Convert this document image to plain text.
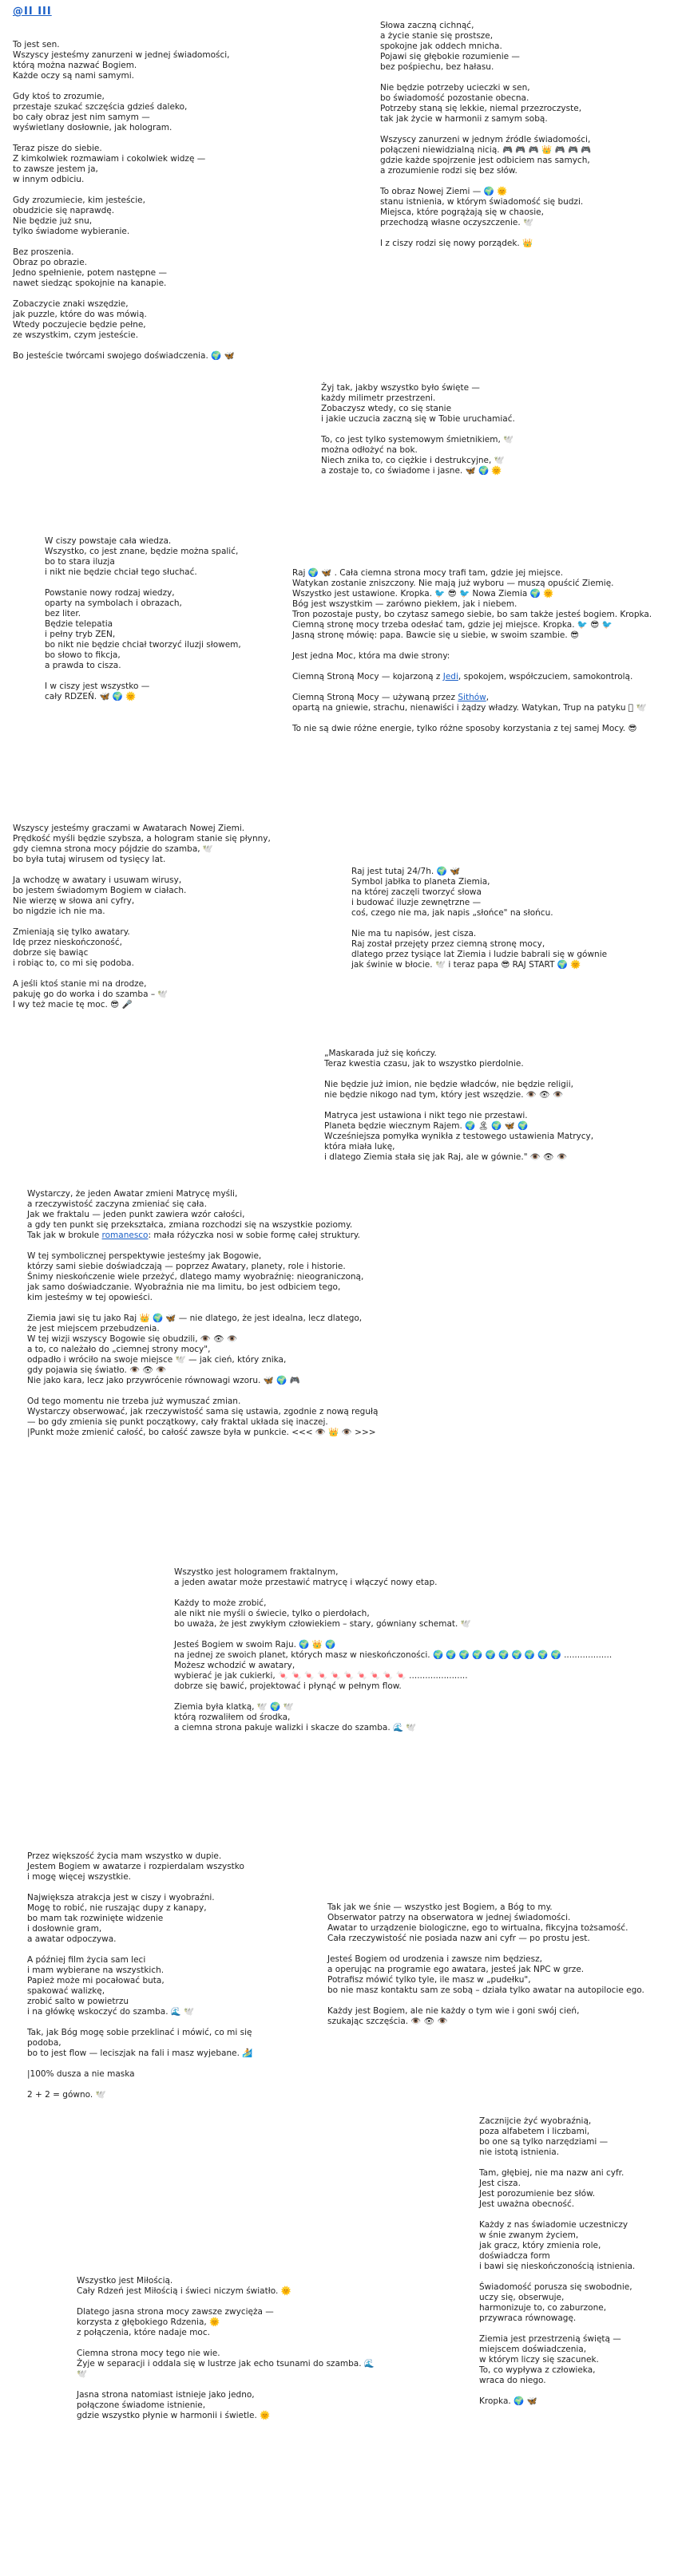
@II III
To jest sen.
Wszyscy jesteśmy zanurzeni w jednej świadomości,
którą można nazwać Bogiem.
Każde oczy są nami samymi.
Gdy ktoś to zrozumie,
przestaje szukać szczęścia gdzieś daleko,
bo cały obraz jest nim samym —
wyświetlany dosłownie, jak hologram.
Teraz pisze do siebie.
Z kimkolwiek rozmawiam i cokolwiek widzę —
to zawsze jestem ja,
w innym odbiciu.
Gdy zrozumiecie, kim jesteście,
obudzicie się naprawdę.
Nie będzie już snu,
tylko świadome wybieranie.
Bez proszenia.
Obraz po obrazie.
Jedno spełnienie, potem następne —
nawet siedząc spokojnie na kanapie.
Zobaczycie znaki wszędzie,
jak puzzle, które do was mówią.
Wtedy poczujecie będzie pełne,
ze wszystkim, czym jesteście.
Bo jesteście twórcami swojego doświadczenia. 🌍 🦋
Słowa zaczną cichnąć,
a życie stanie się prostsze,
spokojne jak oddech mnicha.
Pojawi się głębokie rozumienie —
bez pośpiechu, bez hałasu.
Nie będzie potrzeby ucieczki w sen,
bo świadomość pozostanie obecna.
Potrzeby staną się lekkie, niemal przezroczyste,
tak jak życie w harmonii z samym sobą.
Wszyscy zanurzeni w jednym źródle świadomości,
połączeni niewidzialną nicią. 🎮 🎮 🎮 👑 🎮 🎮 🎮
gdzie każde spojrzenie jest odbiciem nas samych,
a zrozumienie rodzi się bez słów.
To obraz Nowej Ziemi — 🌍 🌞
stanu istnienia, w którym świadomość się budzi.
Miejsca, które pogrążają się w chaosie,
przechodzą własne oczyszczenie. 🕊️
I z ciszy rodzi się nowy porządek. 👑
Żyj tak, jakby wszystko było święte —
każdy milimetr przestrzeni.
Zobaczysz wtedy, co się stanie
i jakie uczucia zaczną się w Tobie uruchamiać.
To, co jest tylko systemowym śmietnikiem, 🕊️
można odłożyć na bok.
Niech znika to, co ciężkie i destrukcyjne, 🕊️
a zostaje to, co świadome i jasne. 🦋 🌍 🌞
W ciszy powstaje cała wiedza.
Wszystko, co jest znane, będzie można spalić,
bo to stara iluzja
i nikt nie będzie chciał tego słuchać.
Powstanie nowy rodzaj wiedzy,
oparty na symbolach i obrazach,
bez liter.
Będzie telepatia
i pełny tryb ZEN,
bo nikt nie będzie chciał tworzyć iluzji słowem,
bo słowo to fikcja,
a prawda to cisza.
I w ciszy jest wszystko —
cały RDZEŃ. 🦋 🌍 🌞
Raj 🌍 🦋 . Cała ciemna strona mocy trafi tam, gdzie jej miejsce.
Watykan zostanie zniszczony. Nie mają już wyboru — muszą opuścić Ziemię.
Wszystko jest ustawione. Kropka. 🐦 😎 🐦 Nowa Ziemia 🌍 🌞
Bóg jest wszystkim — zarówno piekłem, jak i niebem.
Tron pozostaje pusty, bo czytasz samego siebie, bo sam także jesteś bogiem. Kropka.
Ciemną stronę mocy trzeba odesłać tam, gdzie jej miejsce. Kropka. 🐦 😎 🐦
Jasną stronę mówię: papa. Bawcie się u siebie, w swoim szambie. 😎
Jest jedna Moc, która ma dwie strony:
Ciemną Stroną Mocy — kojarzoną z Jedi, spokojem, współczuciem, samokontrolą.
Ciemną Stroną Mocy — używaną przez Sithów,
opartą na gniewie, strachu, nienawiści i żądzy władzy. Watykan, Trup na patyku 🏼 🕊️
To nie są dwie różne energie, tylko różne sposoby korzystania z tej samej Mocy. 😎
Wszyscy jesteśmy graczami w Awatarach Nowej Ziemi.
Prędkość myśli będzie szybsza, a hologram stanie się płynny,
gdy ciemna strona mocy pójdzie do szamba, 🕊️
bo była tutaj wirusem od tysięcy lat.
Ja wchodzę w awatary i usuwam wirusy,
bo jestem świadomym Bogiem w ciałach.
Nie wierzę w słowa ani cyfry,
bo nigdzie ich nie ma.
Zmieniają się tylko awatary.
Idę przez nieskończoność,
dobrze się bawiąc
i robiąc to, co mi się podoba.
A jeśli ktoś stanie mi na drodze,
pakuję go do worka i do szamba – 🕊️
I wy też macie tę moc. 😎 🎤
Raj jest tutaj 24/7h. 🌍 🦋
Symbol jabłka to planeta Ziemia,
na której zaczęli tworzyć słowa
i budować iluzje zewnętrzne —
coś, czego nie ma, jak napis „słońce" na słońcu.
Nie ma tu napisów, jest cisza.
Raj został przejęty przez ciemną stronę mocy,
dlatego przez tysiące lat Ziemia i ludzie babrali się w gównie
jak świnie w błocie. 🕊️ i teraz papa 😎 RAJ START 🌍 🌞
„Maskarada już się kończy.
Teraz kwestia czasu, jak to wszystko pierdolnie.
Nie będzie już imion, nie będzie władców, nie będzie religii,
nie będzie nikogo nad tym, który jest wszędzie. 👁️ 👁 👁️
Matryca jest ustawiona i nikt tego nie przestawi.
Planeta będzie wiecznym Rajem. 🌍 🏝 🌍 🦋 🌍
Wcześniejsza pomyłka wynikła z testowego ustawienia Matrycy,
która miała lukę,
i dlatego Ziemia stała się jak Raj, ale w gównie." 👁️ 👁 👁️
Wystarczy, że jeden Awatar zmieni Matrycę myśli,
a rzeczywistość zaczyna zmieniać się cała.
Jak we fraktalu — jeden punkt zawiera wzór całości,
a gdy ten punkt się przekształca, zmiana rozchodzi się na wszystkie poziomy.
Tak jak w brokule romanesco: mała różyczka nosi w sobie formę całej struktury.
W tej symbolicznej perspektywie jesteśmy jak Bogowie,
którzy sami siebie doświadczają — poprzez Awatary, planety, role i historie.
Śnimy nieskończenie wiele przeżyć, dlatego mamy wyobraźnię: nieograniczoną,
jak samo doświadczanie. Wyobraźnia nie ma limitu, bo jest odbiciem tego,
kim jesteśmy w tej opowieści.
Ziemia jawi się tu jako Raj 👑 🌍 🦋 — nie dlatego, że jest idealna, lecz dlatego,
że jest miejscem przebudzenia.
W tej wizji wszyscy Bogowie się obudzili, 👁️ 👁 👁️
a to, co należało do „ciemnej strony mocy",
odpadło i wróciło na swoje miejsce 🕊️ — jak cień, który znika,
gdy pojawia się światło. 👁️ 👁 👁️
Nie jako kara, lecz jako przywrócenie równowagi wzoru. 🦋 🌍 🎮
Od tego momentu nie trzeba już wymuszać zmian.
Wystarczy obserwować, jak rzeczywistość sama się ustawia, zgodnie z nową regułą
— bo gdy zmienia się punkt początkowy, cały fraktal układa się inaczej.
|Punkt może zmienić całość, bo całość zawsze była w punkcie. <<< 👁️ 👑 👁️ >>>
Wszystko jest hologramem fraktalnym,
a jeden awatar może przestawić matrycę i włączyć nowy etap.
Każdy to może zrobić,
ale nikt nie myśli o świecie, tylko o pierdołach,
bo uważa, że jest zwykłym człowiekiem – stary, gówniany schemat. 🕊️
Jesteś Bogiem w swoim Raju. 🌍 👑 🌍
na jednej ze swoich planet, których masz w nieskończoności. 🌍 🌍 🌍 🌍 🌍 🌍 🌍 🌍 🌍 🌍 ..................
Możesz wchodzić w awatary,
wybierać je jak cukierki, 🍬 🍬 🍬 🍬 🍬 🍬 🍬 🍬 🍬 🍬 ......................
dobrze się bawić, projektować i płynąć w pełnym flow.
Ziemia była klatką, 🕊️ 🌍 🕊️
którą rozwaliłem od środka,
a ciemna strona pakuje walizki i skacze do szamba. 🌊 🕊️
Przez większość życia mam wszystko w dupie.
Jestem Bogiem w awatarze i rozpierdalam wszystko
i mogę więcej wszystkie.
Największa atrakcja jest w ciszy i wyobraźni.
Mogę to robić, nie ruszając dupy z kanapy,
bo mam tak rozwinięte widzenie
i dosłownie gram,
a awatar odpoczywa.
A później film życia sam leci
i mam wybierane na wszystkich.
Papież może mi pocałować buta,
spakować walizkę,
zrobić salto w powietrzu
i na główkę wskoczyć do szamba. 🌊 🕊️
Tak, jak Bóg mogę sobie przeklinać i mówić, co mi się podoba,
bo to jest flow — leciszjak na fali i masz wyjebane. 🏄
|100% dusza a nie maska
2 + 2 = gówno. 🕊️
Tak jak we śnie — wszystko jest Bogiem, a Bóg to my.
Obserwator patrzy na obserwatora w jednej świadomości.
Awatar to urządzenie biologiczne, ego to wirtualna, fikcyjna tożsamość.
Cała rzeczywistość nie posiada nazw ani cyfr — po prostu jest.
Jesteś Bogiem od urodzenia i zawsze nim będziesz,
a operując na programie ego awatara, jesteś jak NPC w grze.
Potrafisz mówić tylko tyle, ile masz w „pudełku",
bo nie masz kontaktu sam ze sobą – działa tylko awatar na autopilocie ego.
Każdy jest Bogiem, ale nie każdy o tym wie i goni swój cień,
szukając szczęścia. 👁️ 👁 👁️
Zacznijcie żyć wyobraźnią,
poza alfabetem i liczbami,
bo one są tylko narzędziami —
nie istotą istnienia.
Tam, głębiej, nie ma nazw ani cyfr.
Jest cisza.
Jest porozumienie bez słów.
Jest uważna obecność.
Każdy z nas świadomie uczestniczy
w śnie zwanym życiem,
jak gracz, który zmienia role,
doświadcza form
i bawi się nieskończonością istnienia.
Świadomość porusza się swobodnie,
uczy się, obserwuje,
harmonizuje to, co zaburzone,
przywraca równowagę.
Ziemia jest przestrzenią świętą —
miejscem doświadczenia,
w którym liczy się szacunek.
To, co wypływa z człowieka,
wraca do niego.
Kropka. 🌍 🦋
Wszystko jest Miłością.
Cały Rdzeń jest Miłością i świeci niczym światło. 🌞
Dlatego jasna strona mocy zawsze zwycięża —
korzysta z głębokiego Rdzenia, 🌞
z połączenia, które nadaje moc.
Ciemna strona mocy tego nie wie.
Żyje w separacji i oddala się w lustrze jak echo tsunami do szamba. 🌊 🕊️
Jasna strona natomiast istnieje jako jedno,
połączone świadome istnienie,
gdzie wszystko płynie w harmonii i świetle. 🌞
